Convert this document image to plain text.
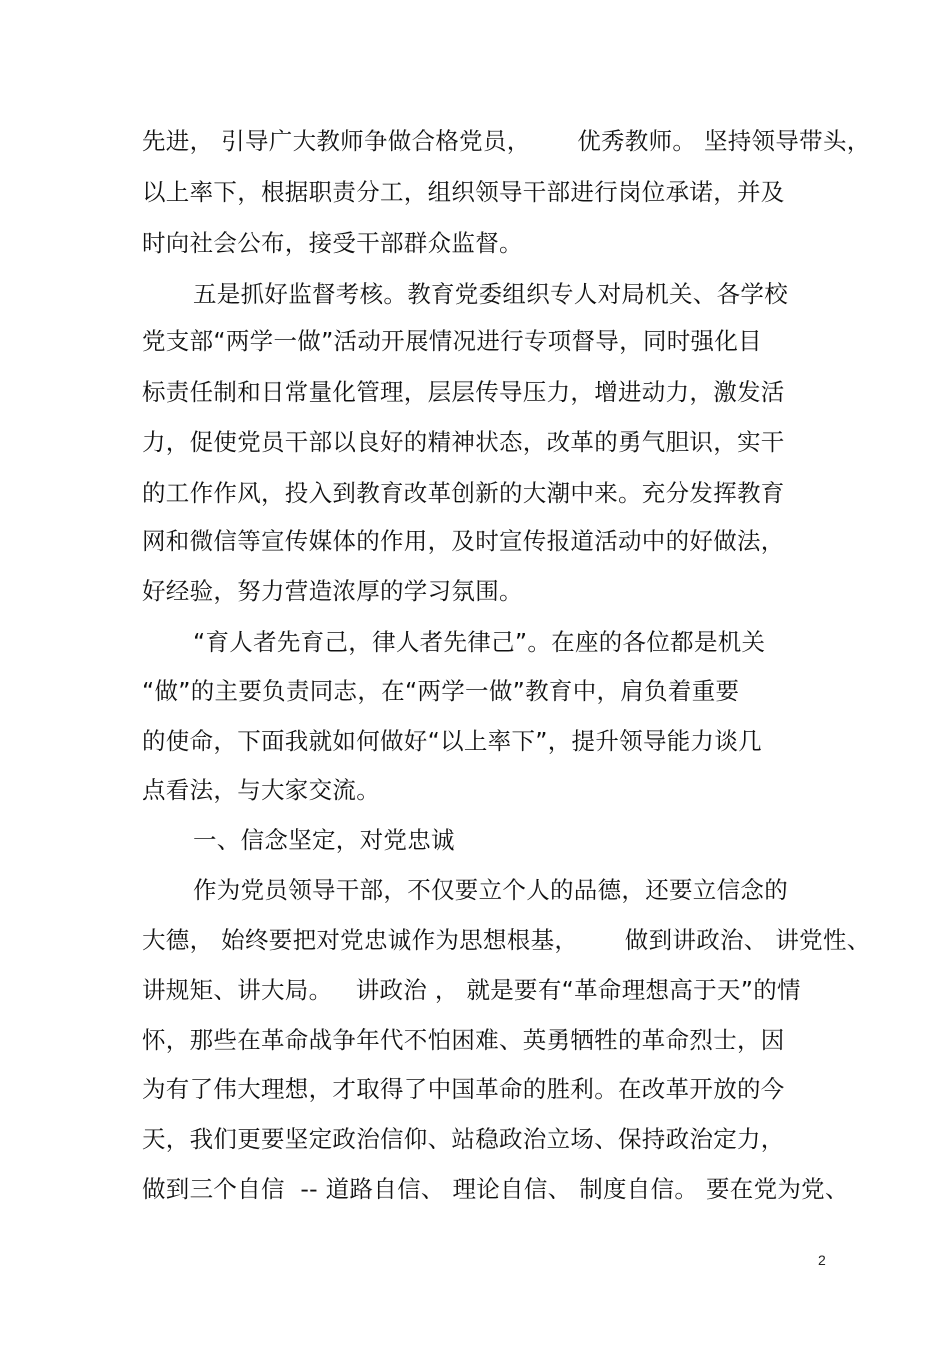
先进， 引导广大教师争做合格党员，      优秀教师。 坚持领导带头，
以上率下，根据职责分工，组织领导干部进行岗位承诺，并及
时向社会公布，接受干部群众监督。
五是抓好监督考核。教育党委组织专人对局机关、各学校
党支部“两学一做”活动开展情况进行专项督导，同时强化目
标责任制和日常量化管理，层层传导压力，增进动力，激发活
力，促使党员干部以良好的精神状态，改革的勇气胆识，实干
的工作作风，投入到教育改革创新的大潮中来。充分发挥教育
网和微信等宣传媒体的作用，及时宣传报道活动中的好做法，
好经验，努力营造浓厚的学习氛围。
“育人者先育己，律人者先律己”。在座的各位都是机关
“做”的主要负责同志，在“两学一做”教育中，肩负着重要
的使命，下面我就如何做好“以上率下”，提升领导能力谈几
点看法，与大家交流。
一、信念坚定，对党忠诚
作为党员领导干部，不仅要立个人的品德，还要立信念的
大德， 始终要把对党忠诚作为思想根基，      做到讲政治、 讲党性、
讲规矩、讲大局。   讲政治 ， 就是要有“革命理想高于天”的情
怀，那些在革命战争年代不怕困难、英勇牺牲的革命烈士，因
为有了伟大理想，才取得了中国革命的胜利。在改革开放的今
天，我们更要坚定政治信仰、站稳政治立场、保持政治定力，
做到三个自信  -- 道路自信、 理论自信、 制度自信。 要在党为党、
2
